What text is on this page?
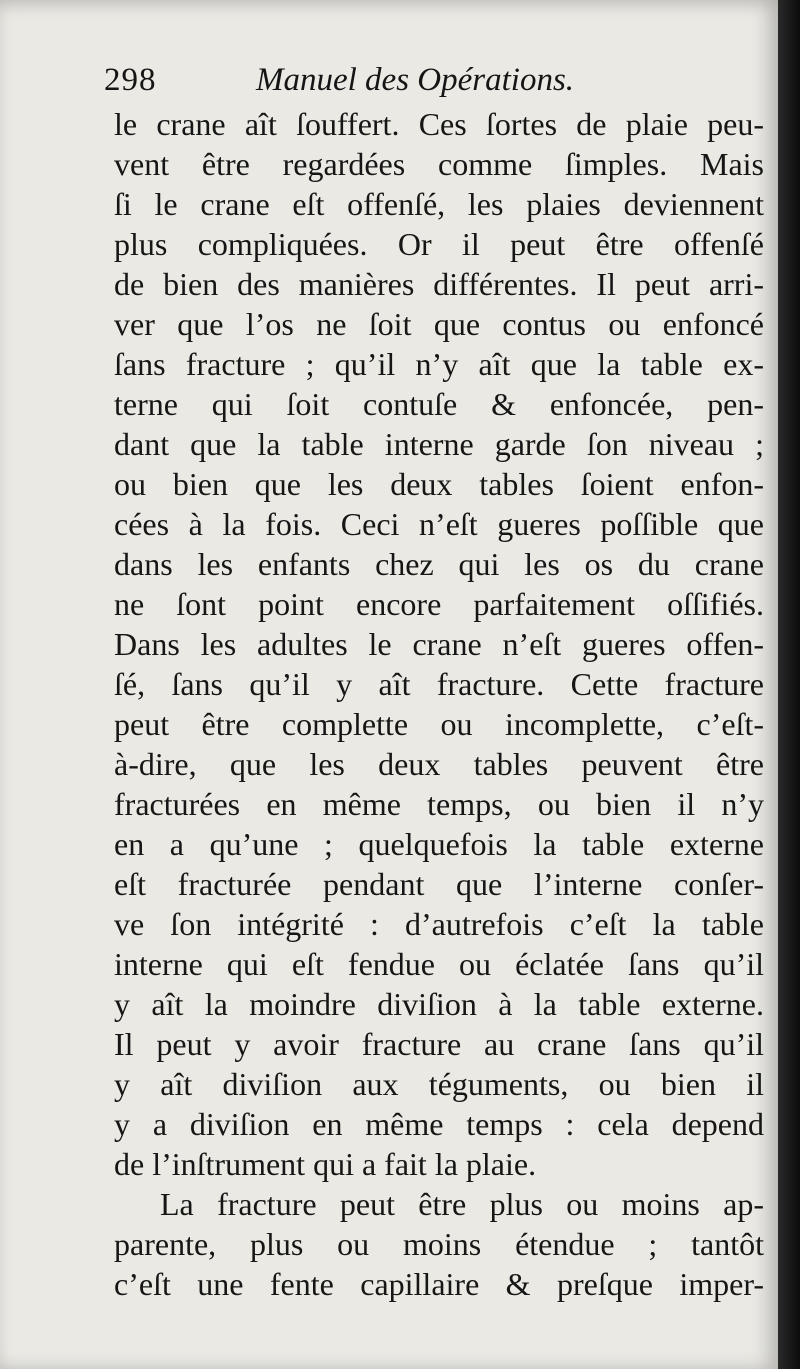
298	Manuel des Opérations.
le crane aît ſouffert. Ces ſortes de plaie peu-
vent être regardées comme ſimples. Mais
ſi le crane eſt offenſé, les plaies deviennent
plus compliquées. Or il peut être offenſé
de bien des manières différentes. Il peut arri-
ver que l’os ne ſoit que contus ou enfoncé
ſans fracture ; qu’il n’y aît que la table ex-
terne qui ſoit contuſe & enfoncée, pen-
dant que la table interne garde ſon niveau ;
ou bien que les deux tables ſoient enfon-
cées à la fois. Ceci n’eſt gueres poſſible que
dans les enfants chez qui les os du crane
ne ſont point encore parfaitement oſſifiés.
Dans les adultes le crane n’eſt gueres offen-
ſé, ſans qu’il y aît fracture. Cette fracture
peut être complette ou incomplette, c’eſt-
à-dire, que les deux tables peuvent être
fracturées en même temps, ou bien il n’y
en a qu’une ; quelquefois la table externe
eſt fracturée pendant que l’interne conſer-
ve ſon intégrité : d’autrefois c’eſt la table
interne qui eſt fendue ou éclatée ſans qu’il
y aît la moindre diviſion à la table externe.
Il peut y avoir fracture au crane ſans qu’il
y aît diviſion aux téguments, ou bien il
y a diviſion en même temps : cela depend
de l’inſtrument qui a fait la plaie.
La fracture peut être plus ou moins ap-
parente, plus ou moins étendue ; tantôt
c’eſt une fente capillaire & preſque imper-
